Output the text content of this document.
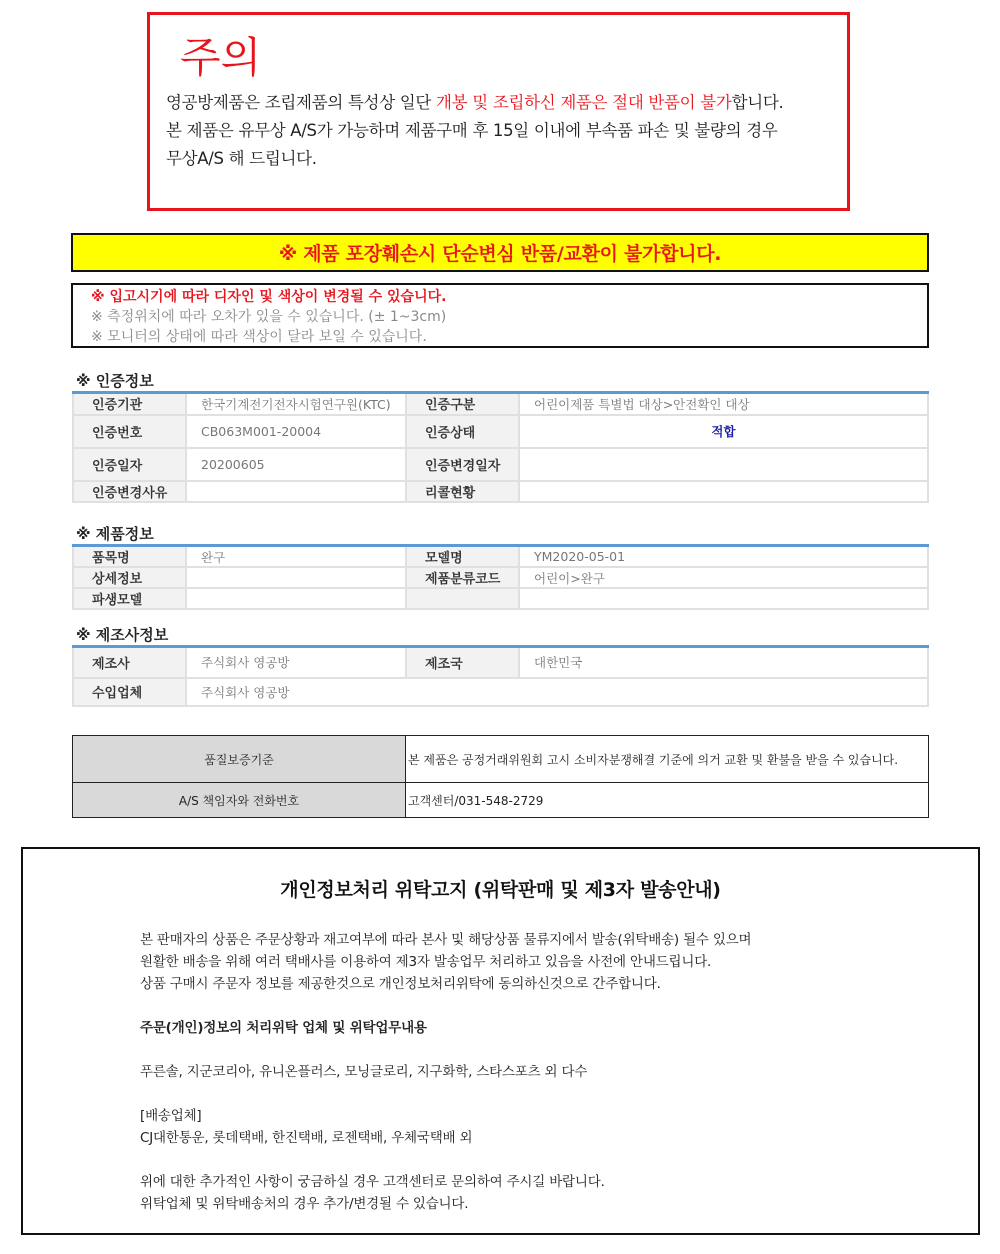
주의
영공방제품은 조립제품의 특성상 일단 개봉 및 조립하신 제품은 절대 반품이 불가합니다.
본 제품은 유무상 A/S가 가능하며 제품구매 후 15일 이내에 부속품 파손 및 불량의 경우
무상A/S 해 드립니다.
※ 제품 포장훼손시 단순변심 반품/교환이 불가합니다.
※ 입고시기에 따라 디자인 및 색상이 변경될 수 있습니다.
※ 측정위치에 따라 오차가 있을 수 있습니다. (± 1~3cm)
※ 모니터의 상태에 따라 색상이 달라 보일 수 있습니다.
※ 인증정보
인증기관	한국기계전기전자시험연구원(KTC)	인증구분	어린이제품 특별법 대상>안전확인 대상
인증번호	CB063M001-20004	인증상태	적합
인증일자	20200605	인증변경일자	
인증변경사유		리콜현황	
※ 제품정보
품목명	완구	모델명	YM2020-05-01
상세정보		제품분류코드	어린이>완구
파생모델			
※ 제조사정보
제조사	주식회사 영공방	제조국	대한민국
수입업체	주식회사 영공방		
품질보증기준	본 제품은 공정거래위원회 고시 소비자분쟁해결 기준에 의거 교환 및 환불을 받을 수 있습니다.
A/S 책임자와 전화번호	고객센터/031-548-2729
개인정보처리 위탁고지 (위탁판매 및 제3자 발송안내)
본 판매자의 상품은 주문상황과 재고여부에 따라 본사 및 해당상품 물류지에서 발송(위탁배송) 될수 있으며
원활한 배송을 위해 여러 택배사를 이용하여 제3자 발송업무 처리하고 있음을 사전에 안내드립니다.
상품 구매시 주문자 정보를 제공한것으로 개인정보처리위탁에 동의하신것으로 간주합니다.
주문(개인)정보의 처리위탁 업체 및 위탁업무내용
푸른솔, 지군코리아, 유니온플러스, 모닝글로리, 지구화학, 스타스포츠 외 다수
[배송업체]
CJ대한통운, 롯데택배, 한진택배, 로젠택배, 우체국택배 외
위에 대한 추가적인 사항이 궁금하실 경우 고객센터로 문의하여 주시길 바랍니다.
위탁업체 및 위탁배송처의 경우 추가/변경될 수 있습니다.
